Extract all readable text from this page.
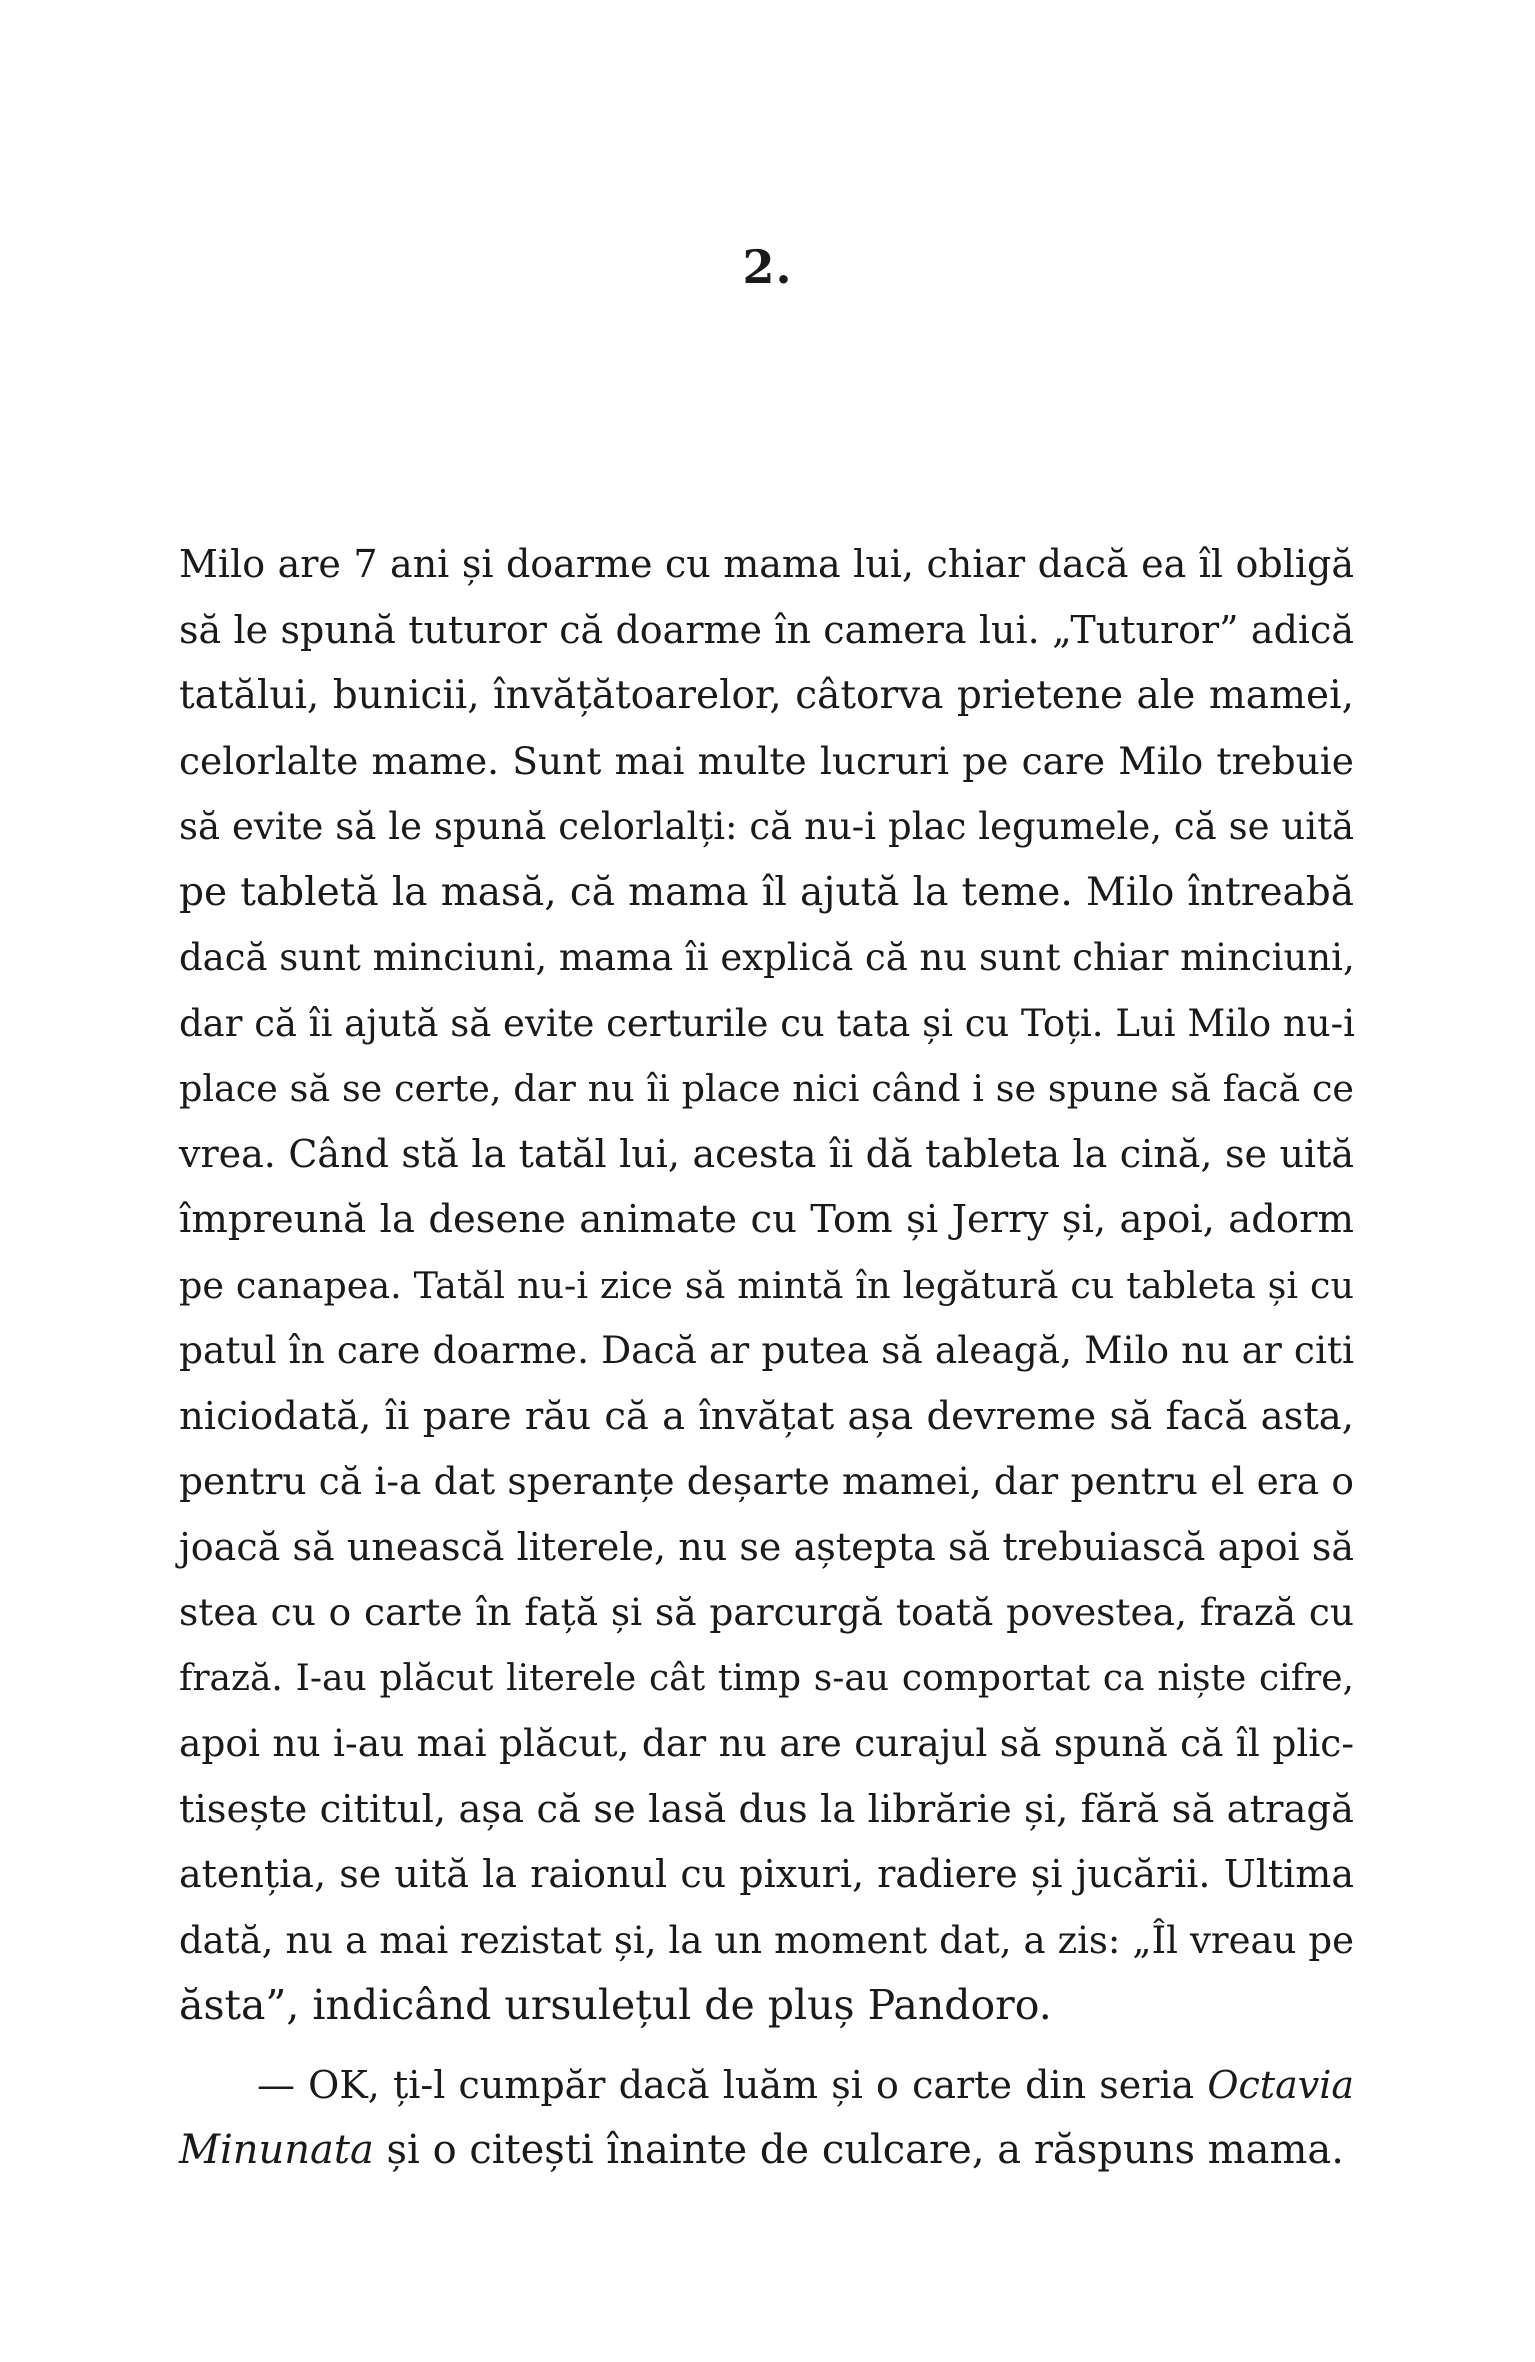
2.
Milo are 7 ani și doarme cu mama lui, chiar dacă ea îl obligă
să le spună tuturor că doarme în camera lui. „Tuturor” adică
tatălui, bunicii, învățătoarelor, câtorva prietene ale mamei,
celorlalte mame. Sunt mai multe lucruri pe care Milo trebuie
să evite să le spună celorlalți: că nu-i plac legumele, că se uită
pe tabletă la masă, că mama îl ajută la teme. Milo întreabă
dacă sunt minciuni, mama îi explică că nu sunt chiar minciuni,
dar că îi ajută să evite certurile cu tata și cu Toți. Lui Milo nu-i
place să se certe, dar nu îi place nici când i se spune să facă ce
vrea. Când stă la tatăl lui, acesta îi dă tableta la cină, se uită
împreună la desene animate cu Tom și Jerry și, apoi, adorm
pe canapea. Tatăl nu-i zice să mintă în legătură cu tableta și cu
patul în care doarme. Dacă ar putea să aleagă, Milo nu ar citi
niciodată, îi pare rău că a învățat așa devreme să facă asta,
pentru că i-a dat speranțe deșarte mamei, dar pentru el era o
joacă să unească literele, nu se aștepta să trebuiască apoi să
stea cu o carte în față și să parcurgă toată povestea, frază cu
frază. I-au plăcut literele cât timp s-au comportat ca niște cifre,
apoi nu i-au mai plăcut, dar nu are curajul să spună că îl plic-
tisește cititul, așa că se lasă dus la librărie și, fără să atragă
atenția, se uită la raionul cu pixuri, radiere și jucării. Ultima
dată, nu a mai rezistat și, la un moment dat, a zis: „Îl vreau pe
ăsta”, indicând ursulețul de pluș Pandoro.
— OK, ți-l cumpăr dacă luăm și o carte din seria Octavia
Minunata și o citești înainte de culcare, a răspuns mama.
